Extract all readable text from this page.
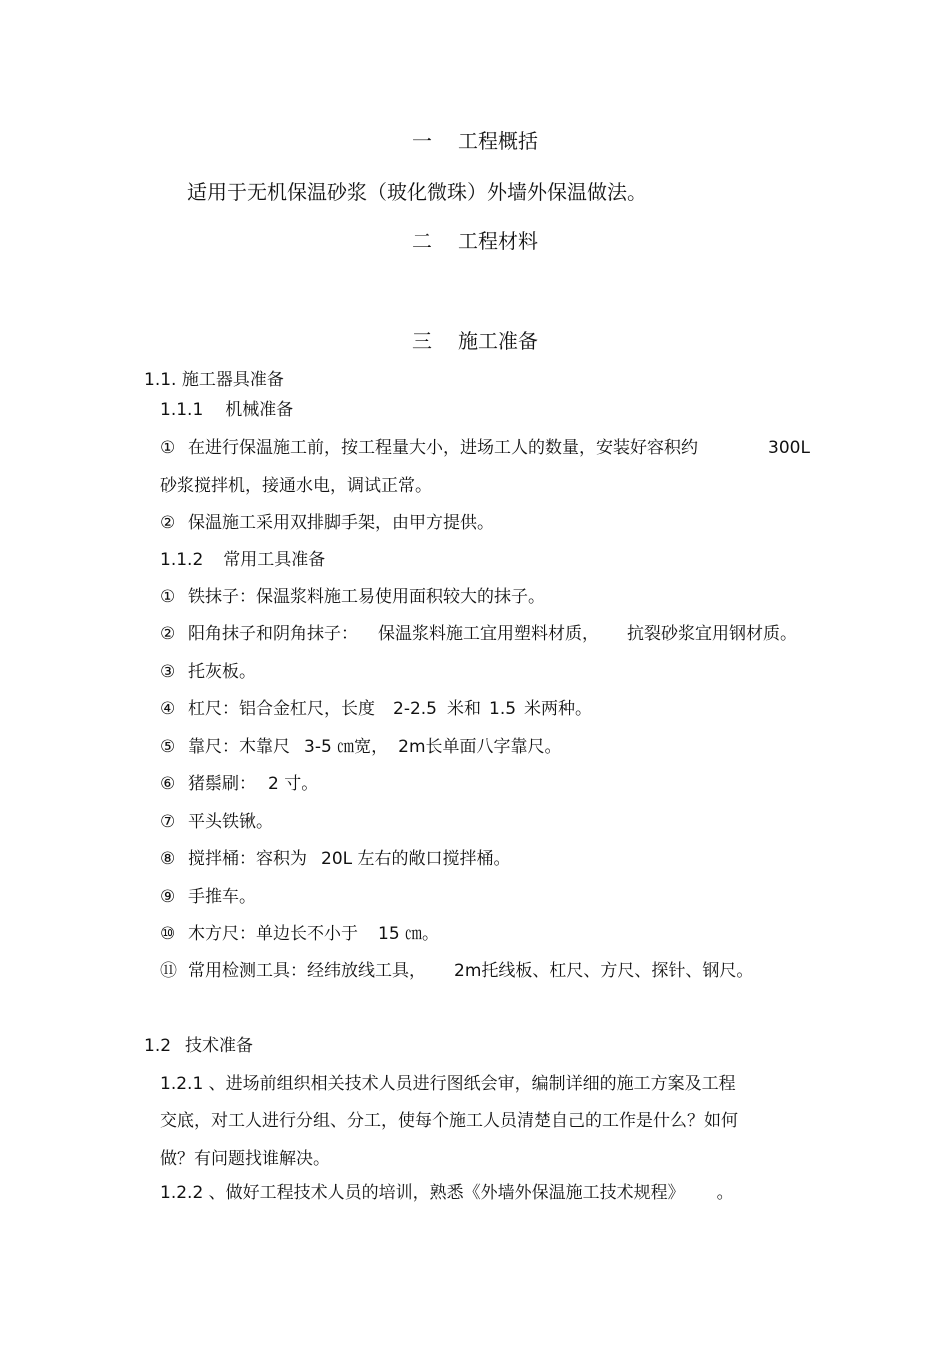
一 工程概括
适用于无机保温砂浆（玻化微珠）外墙外保温做法。
二 工程材料
三 施工准备
1.1. 施工器具准备
1.1.1 机械准备
① 在进行保温施工前，按工程量大小，进场工人的数量，安装好容积约	300L
砂浆搅拌机，接通水电，调试正常。
② 保温施工采用双排脚手架，由甲方提供。
1.1.2 常用工具准备
① 铁抹子：保温浆料施工易使用面积较大的抹子。
② 阳角抹子和阴角抹子： 保温浆料施工宜用塑料材质， 抗裂砂浆宜用钢材质。
③ 托灰板。
④ 杠尺：铝合金杠尺，长度 2-2.5 米和 1.5 米两种。
⑤ 靠尺：木靠尺 3-5 ㎝宽， 2m长单面八字靠尺。
⑥ 猪鬃刷： 2 寸。
⑦ 平头铁锹。
⑧ 搅拌桶：容积为 20L 左右的敞口搅拌桶。
⑨ 手推车。
⑩ 木方尺：单边长不小于 15 ㎝。
⑪ 常用检测工具：经纬放线工具， 2m托线板、杠尺、方尺、探针、钢尺。
1.2 技术准备
1.2.1 、进场前组织相关技术人员进行图纸会审，编制详细的施工方案及工程
交底，对工人进行分组、分工，使每个施工人员清楚自己的工作是什么？如何
做？有问题找谁解决。
1.2.2 、做好工程技术人员的培训，熟悉《外墙外保温施工技术规程》 。
